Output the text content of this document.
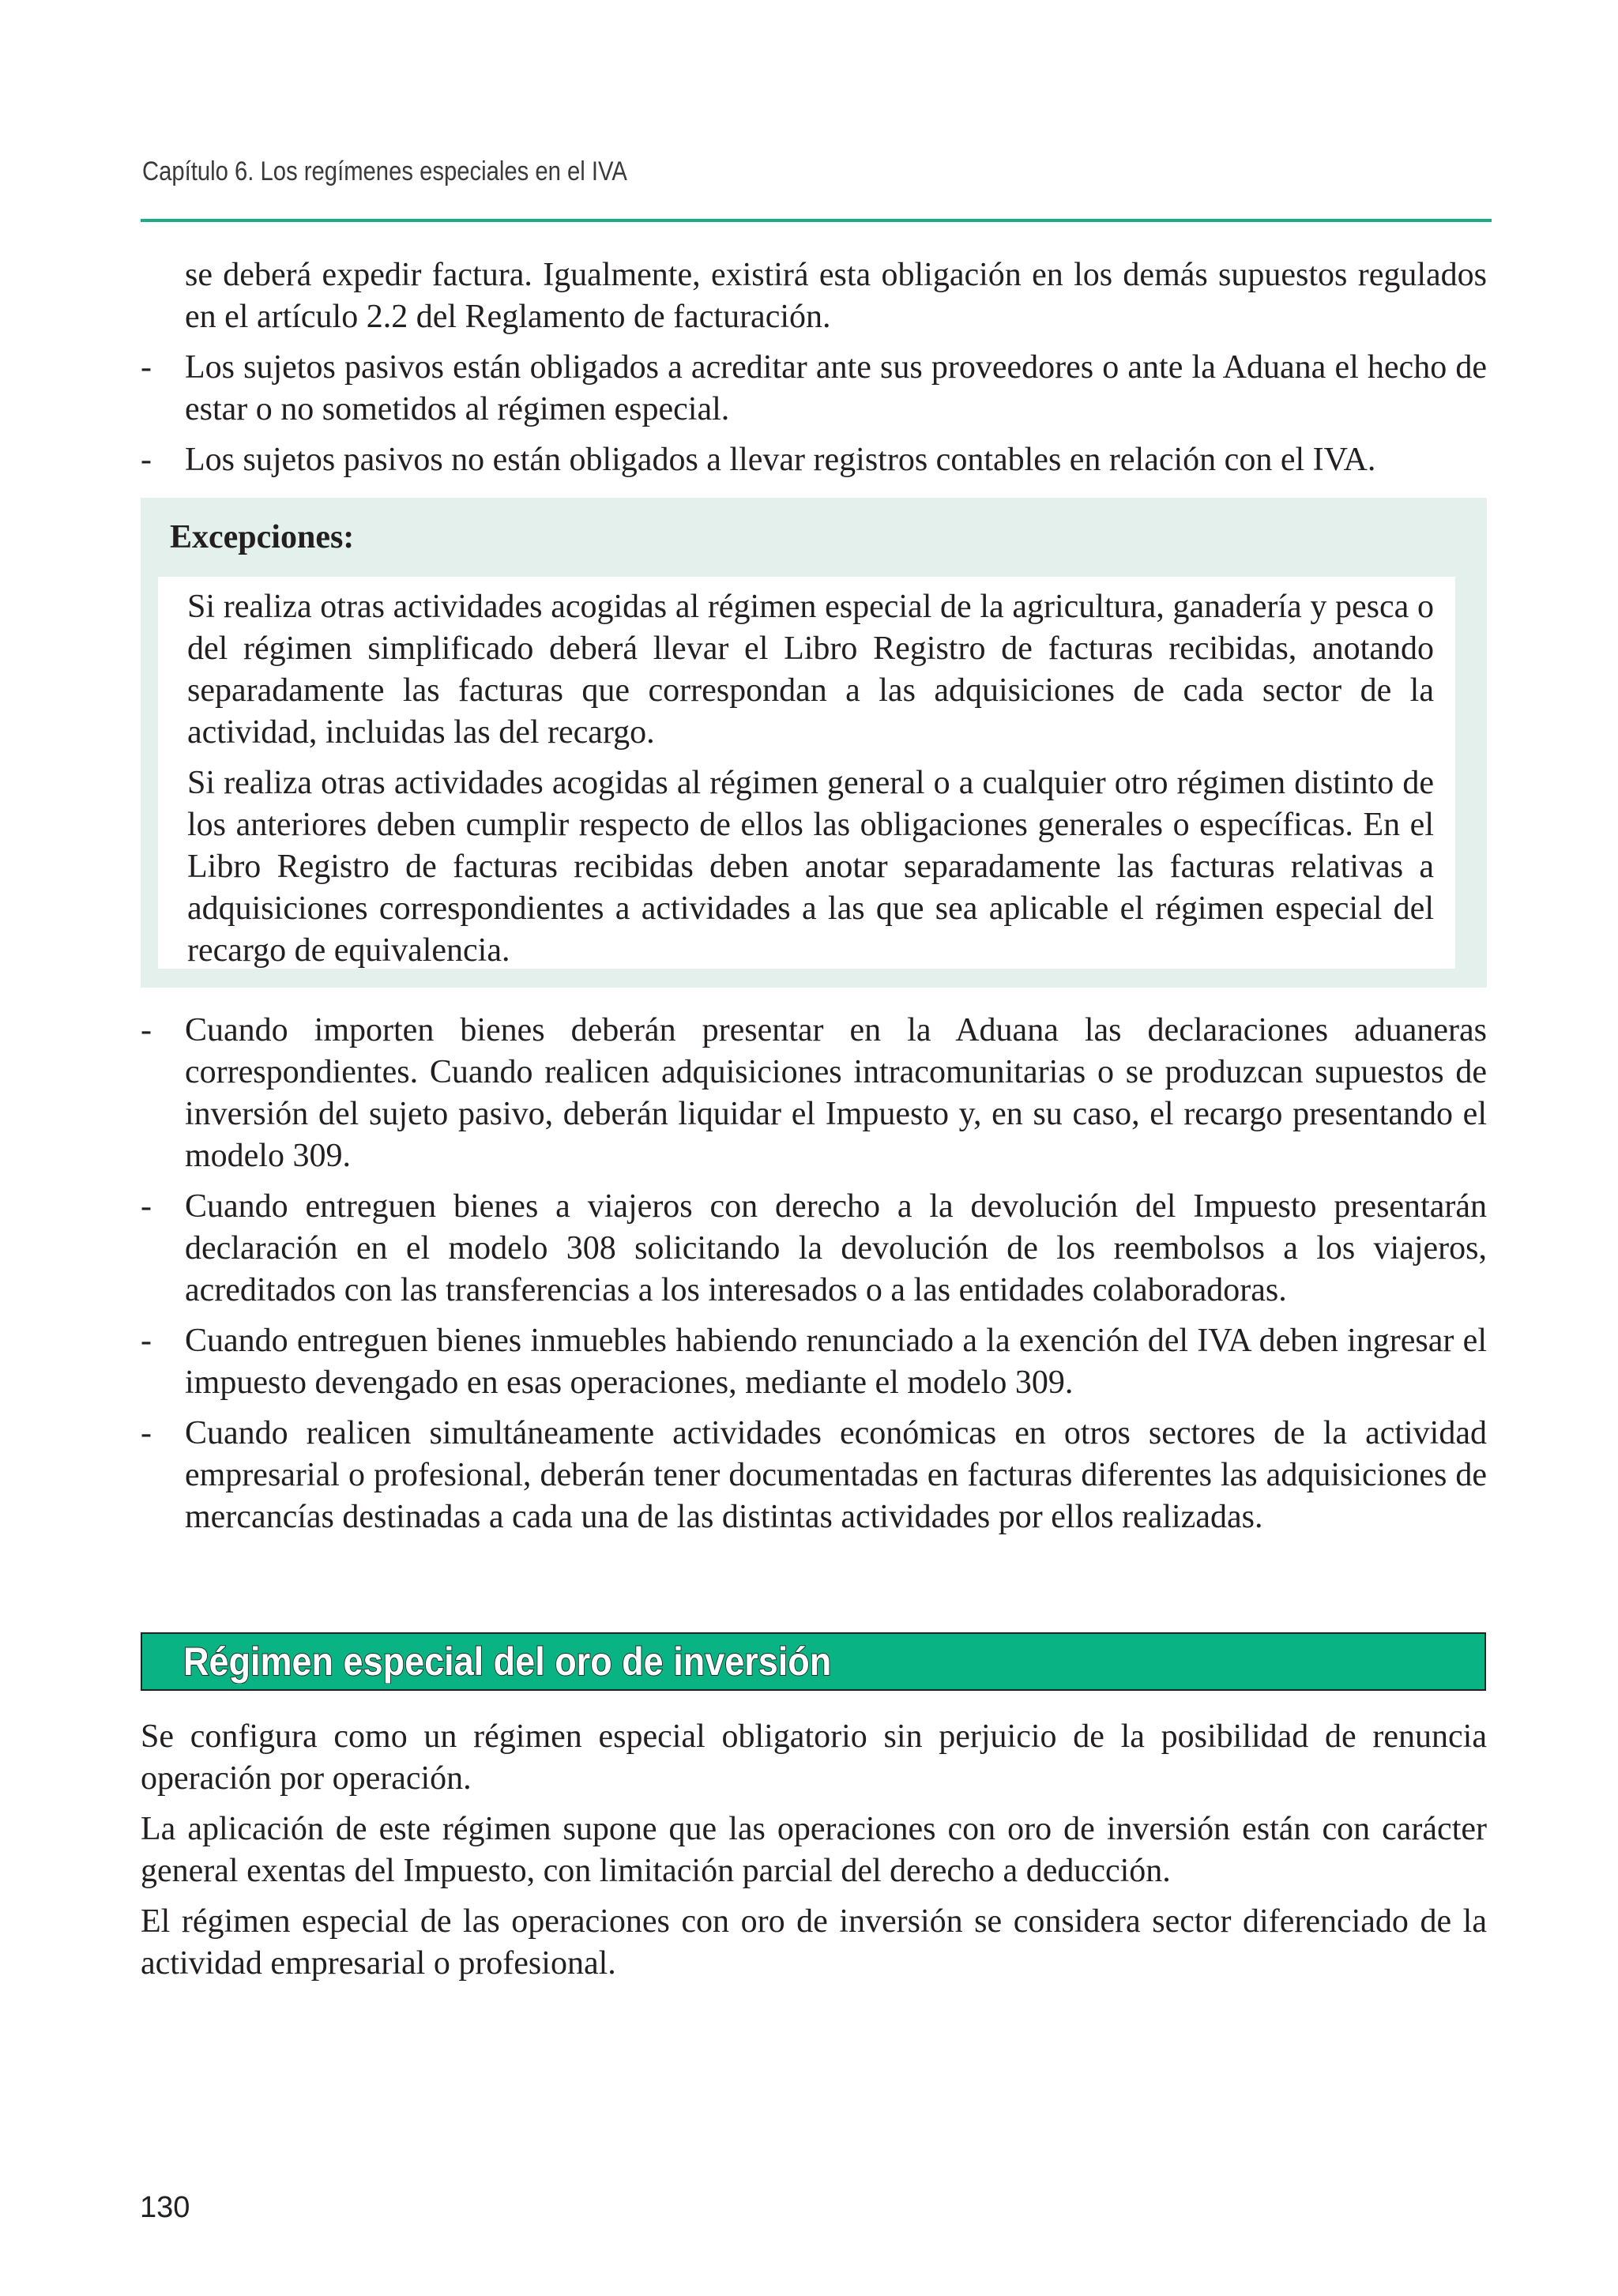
Capítulo 6. Los regímenes especiales en el IVA

se deberá expedir factura. Igualmente, existirá esta obligación en los demás supuestos regulados en el artículo 2.2 del Reglamento de facturación.

- Los sujetos pasivos están obligados a acreditar ante sus proveedores o ante la Aduana el hecho de estar o no sometidos al régimen especial.
- Los sujetos pasivos no están obligados a llevar registros contables en relación con el IVA.
Excepciones:

Si realiza otras actividades acogidas al régimen especial de la agricultura, ganadería y pesca o del régimen simplificado deberá llevar el Libro Registro de facturas recibidas, anotando separadamente las facturas que correspondan a las adquisiciones de cada sector de la actividad, incluidas las del recargo.

Si realiza otras actividades acogidas al régimen general o a cualquier otro régimen distinto de los anteriores deben cumplir respecto de ellos las obligaciones generales o específicas. En el Libro Registro de facturas recibidas deben anotar separadamente las facturas relativas a adquisiciones correspondientes a actividades a las que sea aplicable el régimen especial del recargo de equivalencia.

- Cuando importen bienes deberán presentar en la Aduana las declaraciones aduaneras correspondientes. Cuando realicen adquisiciones intracomunitarias o se produzcan supuestos de inversión del sujeto pasivo, deberán liquidar el Impuesto y, en su caso, el recargo presentando el modelo 309.
- Cuando entreguen bienes a viajeros con derecho a la devolución del Impuesto presentarán declaración en el modelo 308 solicitando la devolución de los reembolsos a los viajeros, acreditados con las transferencias a los interesados o a las entidades colaboradoras.
- Cuando entreguen bienes inmuebles habiendo renunciado a la exención del IVA deben ingresar el impuesto devengado en esas operaciones, mediante el modelo 309.
- Cuando realicen simultáneamente actividades económicas en otros sectores de la actividad empresarial o profesional, deberán tener documentadas en facturas diferentes las adquisiciones de mercancías destinadas a cada una de las distintas actividades por ellos realizadas.
Régimen especial del oro de inversión

Se configura como un régimen especial obligatorio sin perjuicio de la posibilidad de renuncia operación por operación.

La aplicación de este régimen supone que las operaciones con oro de inversión están con carácter general exentas del Impuesto, con limitación parcial del derecho a deducción.

El régimen especial de las operaciones con oro de inversión se considera sector diferenciado de la actividad empresarial o profesional.

130
